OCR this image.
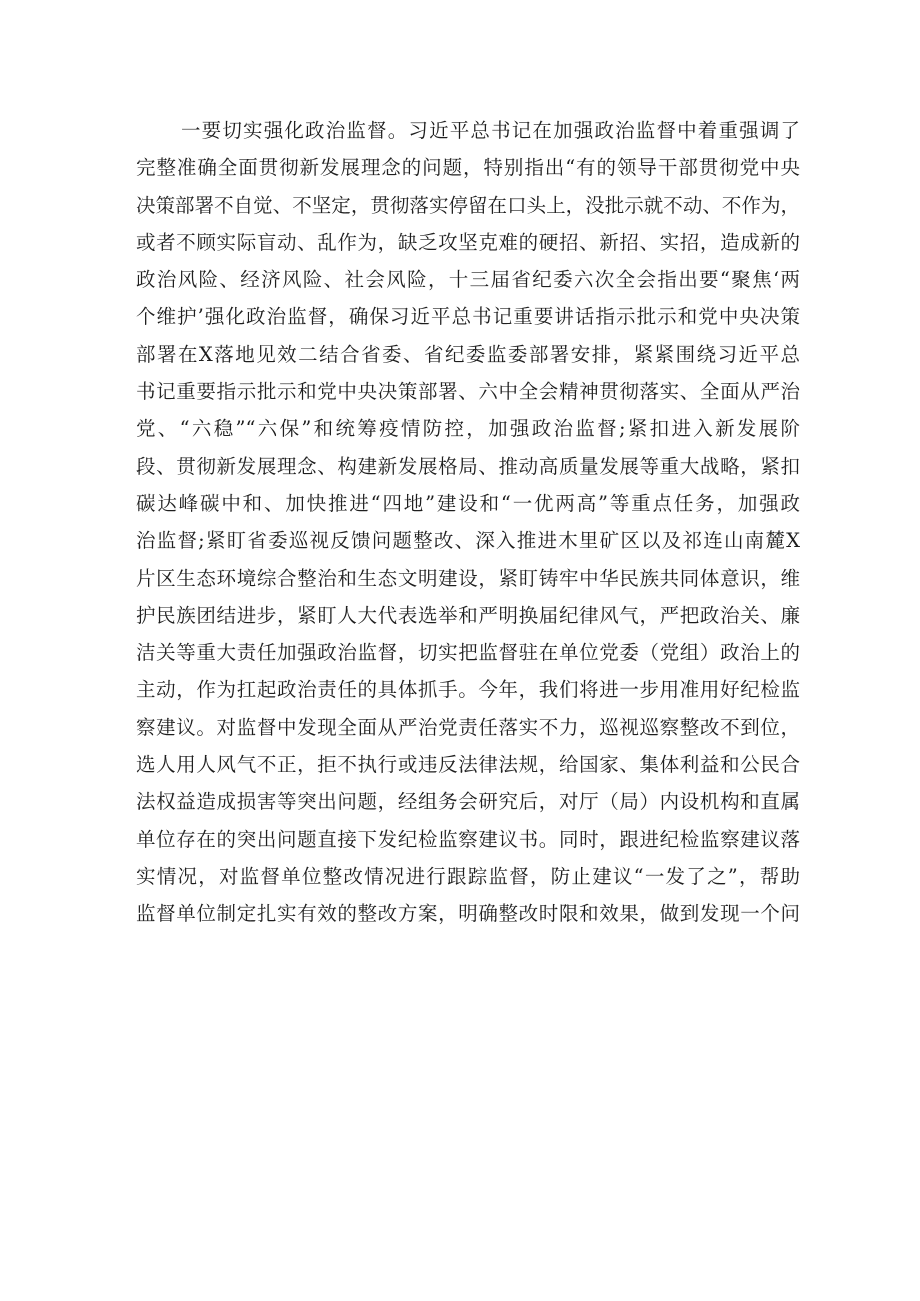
一要切实强化政治监督。习近平总书记在加强政治监督中着重强调了
完整准确全面贯彻新发展理念的问题，特别指出“有的领导干部贯彻党中央
决策部署不自觉、不坚定，贯彻落实停留在口头上，没批示就不动、不作为，
或者不顾实际盲动、乱作为，缺乏攻坚克难的硬招、新招、实招，造成新的
政治风险、经济风险、社会风险，十三届省纪委六次全会指出要“聚焦‘两
个维护’强化政治监督，确保习近平总书记重要讲话指示批示和党中央决策
部署在X落地见效二结合省委、省纪委监委部署安排，紧紧围绕习近平总
书记重要指示批示和党中央决策部署、六中全会精神贯彻落实、全面从严治
党、“六稳”“六保”和统筹疫情防控，加强政治监督;紧扣进入新发展阶
段、贯彻新发展理念、构建新发展格局、推动高质量发展等重大战略，紧扣
碳达峰碳中和、加快推进“四地”建设和“一优两高”等重点任务，加强政
治监督;紧盯省委巡视反馈问题整改、深入推进木里矿区以及祁连山南麓X
片区生态环境综合整治和生态文明建设，紧盯铸牢中华民族共同体意识，维
护民族团结进步，紧盯人大代表选举和严明换届纪律风气，严把政治关、廉
洁关等重大责任加强政治监督，切实把监督驻在单位党委（党组）政治上的
主动，作为扛起政治责任的具体抓手。今年，我们将进一步用准用好纪检监
察建议。对监督中发现全面从严治党责任落实不力，巡视巡察整改不到位，
选人用人风气不正，拒不执行或违反法律法规，给国家、集体利益和公民合
法权益造成损害等突出问题，经组务会研究后，对厅（局）内设机构和直属
单位存在的突出问题直接下发纪检监察建议书。同时，跟进纪检监察建议落
实情况，对监督单位整改情况进行跟踪监督，防止建议“一发了之”，帮助
监督单位制定扎实有效的整改方案，明确整改时限和效果，做到发现一个问
